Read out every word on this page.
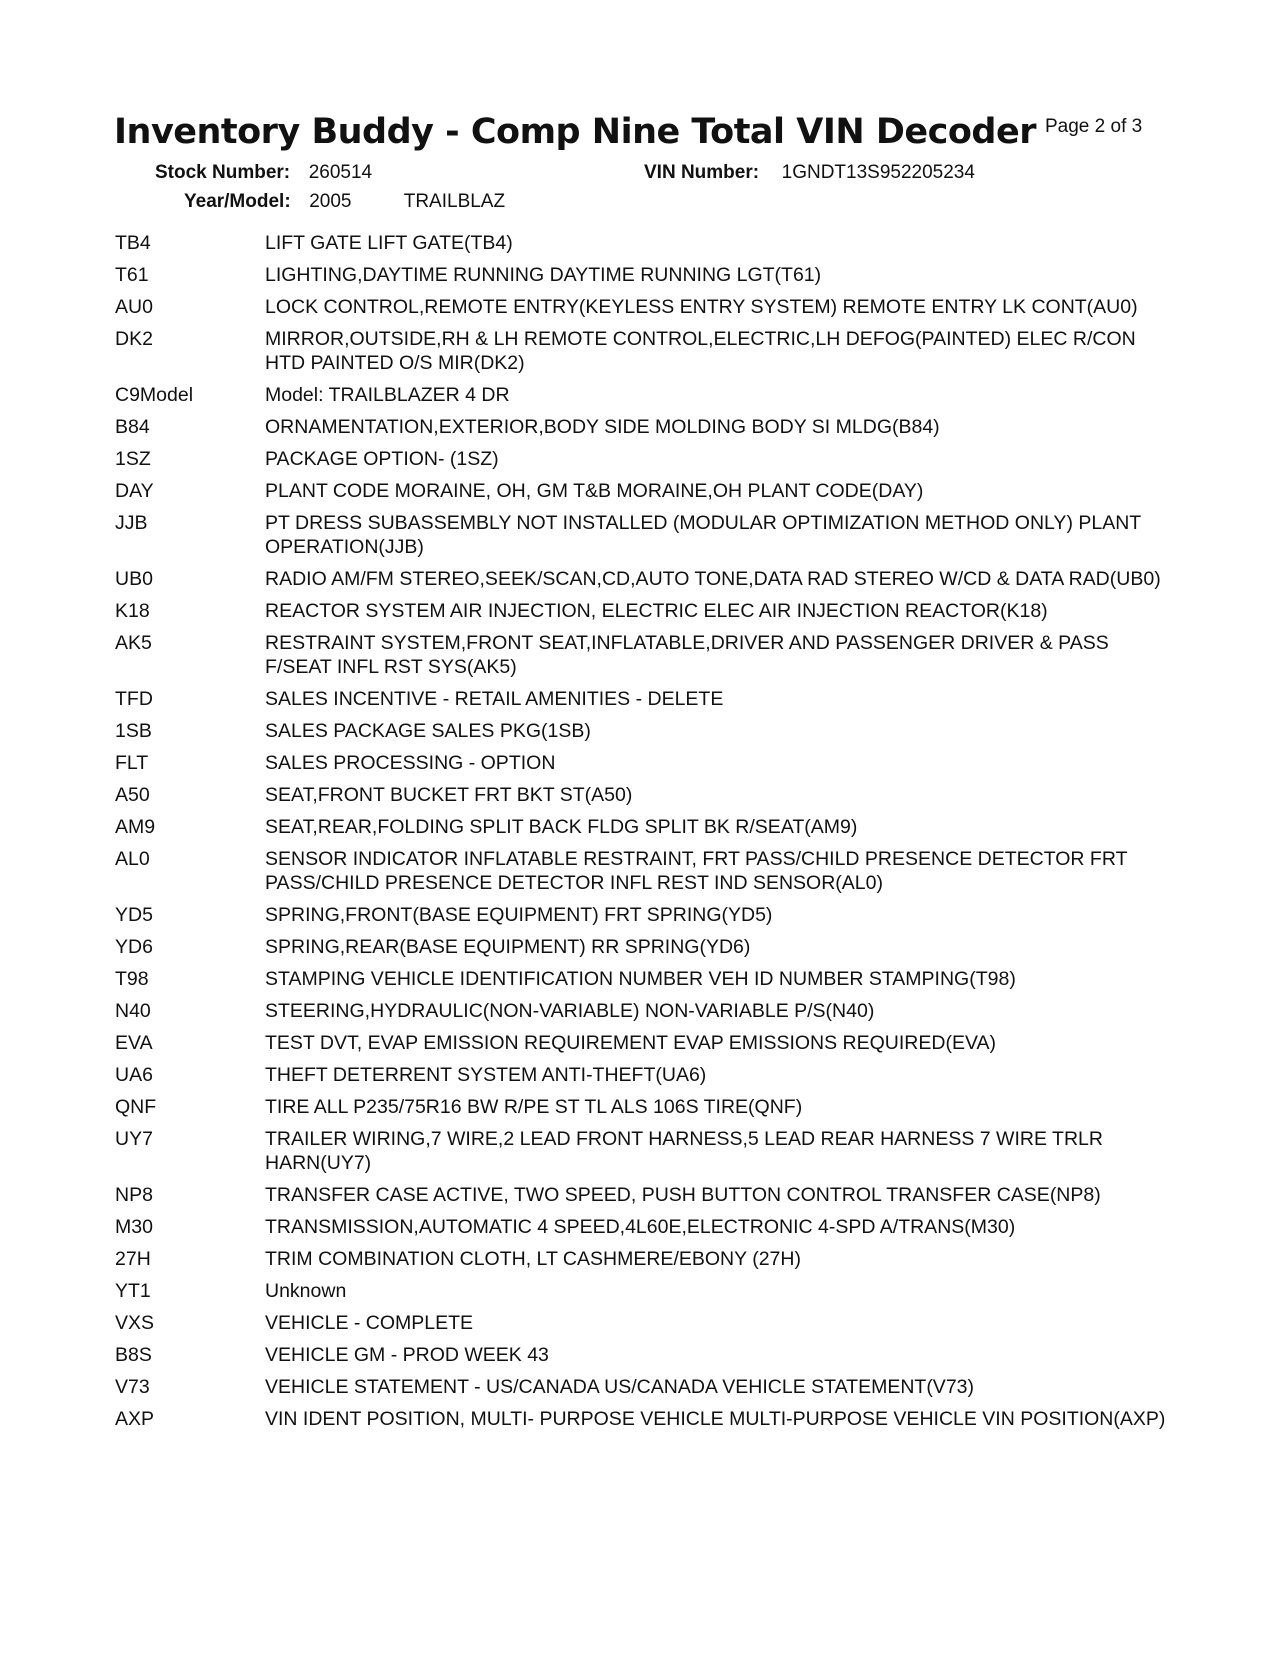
Inventory Buddy - Comp Nine Total VIN Decoder Page 2 of 3
Stock Number: 260514	VIN Number: 1GNDT13S952205234
Year/Model: 2005	TRAILBLAZ
TB4	LIFT GATE LIFT GATE(TB4)
T61	LIGHTING,DAYTIME RUNNING DAYTIME RUNNING LGT(T61)
AU0	LOCK CONTROL,REMOTE ENTRY(KEYLESS ENTRY SYSTEM) REMOTE ENTRY LK CONT(AU0)
DK2	MIRROR,OUTSIDE,RH & LH REMOTE CONTROL,ELECTRIC,LH DEFOG(PAINTED) ELEC R/CON HTD PAINTED O/S MIR(DK2)
C9Model	Model: TRAILBLAZER 4 DR
B84	ORNAMENTATION,EXTERIOR,BODY SIDE MOLDING BODY SI MLDG(B84)
1SZ	PACKAGE OPTION- (1SZ)
DAY	PLANT CODE MORAINE, OH, GM T&B MORAINE,OH PLANT CODE(DAY)
JJB	PT DRESS SUBASSEMBLY NOT INSTALLED (MODULAR OPTIMIZATION METHOD ONLY) PLANT OPERATION(JJB)
UB0	RADIO AM/FM STEREO,SEEK/SCAN,CD,AUTO TONE,DATA RAD STEREO W/CD & DATA RAD(UB0)
K18	REACTOR SYSTEM AIR INJECTION, ELECTRIC ELEC AIR INJECTION REACTOR(K18)
AK5	RESTRAINT SYSTEM,FRONT SEAT,INFLATABLE,DRIVER AND PASSENGER DRIVER & PASS F/SEAT INFL RST SYS(AK5)
TFD	SALES INCENTIVE - RETAIL AMENITIES - DELETE
1SB	SALES PACKAGE SALES PKG(1SB)
FLT	SALES PROCESSING - OPTION
A50	SEAT,FRONT BUCKET FRT BKT ST(A50)
AM9	SEAT,REAR,FOLDING SPLIT BACK FLDG SPLIT BK R/SEAT(AM9)
AL0	SENSOR INDICATOR INFLATABLE RESTRAINT, FRT PASS/CHILD PRESENCE DETECTOR FRT PASS/CHILD PRESENCE DETECTOR INFL REST IND SENSOR(AL0)
YD5	SPRING,FRONT(BASE EQUIPMENT) FRT SPRING(YD5)
YD6	SPRING,REAR(BASE EQUIPMENT) RR SPRING(YD6)
T98	STAMPING VEHICLE IDENTIFICATION NUMBER VEH ID NUMBER STAMPING(T98)
N40	STEERING,HYDRAULIC(NON-VARIABLE) NON-VARIABLE P/S(N40)
EVA	TEST DVT, EVAP EMISSION REQUIREMENT EVAP EMISSIONS REQUIRED(EVA)
UA6	THEFT DETERRENT SYSTEM ANTI-THEFT(UA6)
QNF	TIRE ALL P235/75R16 BW R/PE ST TL ALS 106S TIRE(QNF)
UY7	TRAILER WIRING,7 WIRE,2 LEAD FRONT HARNESS,5 LEAD REAR HARNESS 7 WIRE TRLR HARN(UY7)
NP8	TRANSFER CASE ACTIVE, TWO SPEED, PUSH BUTTON CONTROL TRANSFER CASE(NP8)
M30	TRANSMISSION,AUTOMATIC 4 SPEED,4L60E,ELECTRONIC 4-SPD A/TRANS(M30)
27H	TRIM COMBINATION CLOTH, LT CASHMERE/EBONY (27H)
YT1	Unknown
VXS	VEHICLE - COMPLETE
B8S	VEHICLE GM - PROD WEEK 43
V73	VEHICLE STATEMENT - US/CANADA US/CANADA VEHICLE STATEMENT(V73)
AXP	VIN IDENT POSITION, MULTI- PURPOSE VEHICLE MULTI-PURPOSE VEHICLE VIN POSITION(AXP)
